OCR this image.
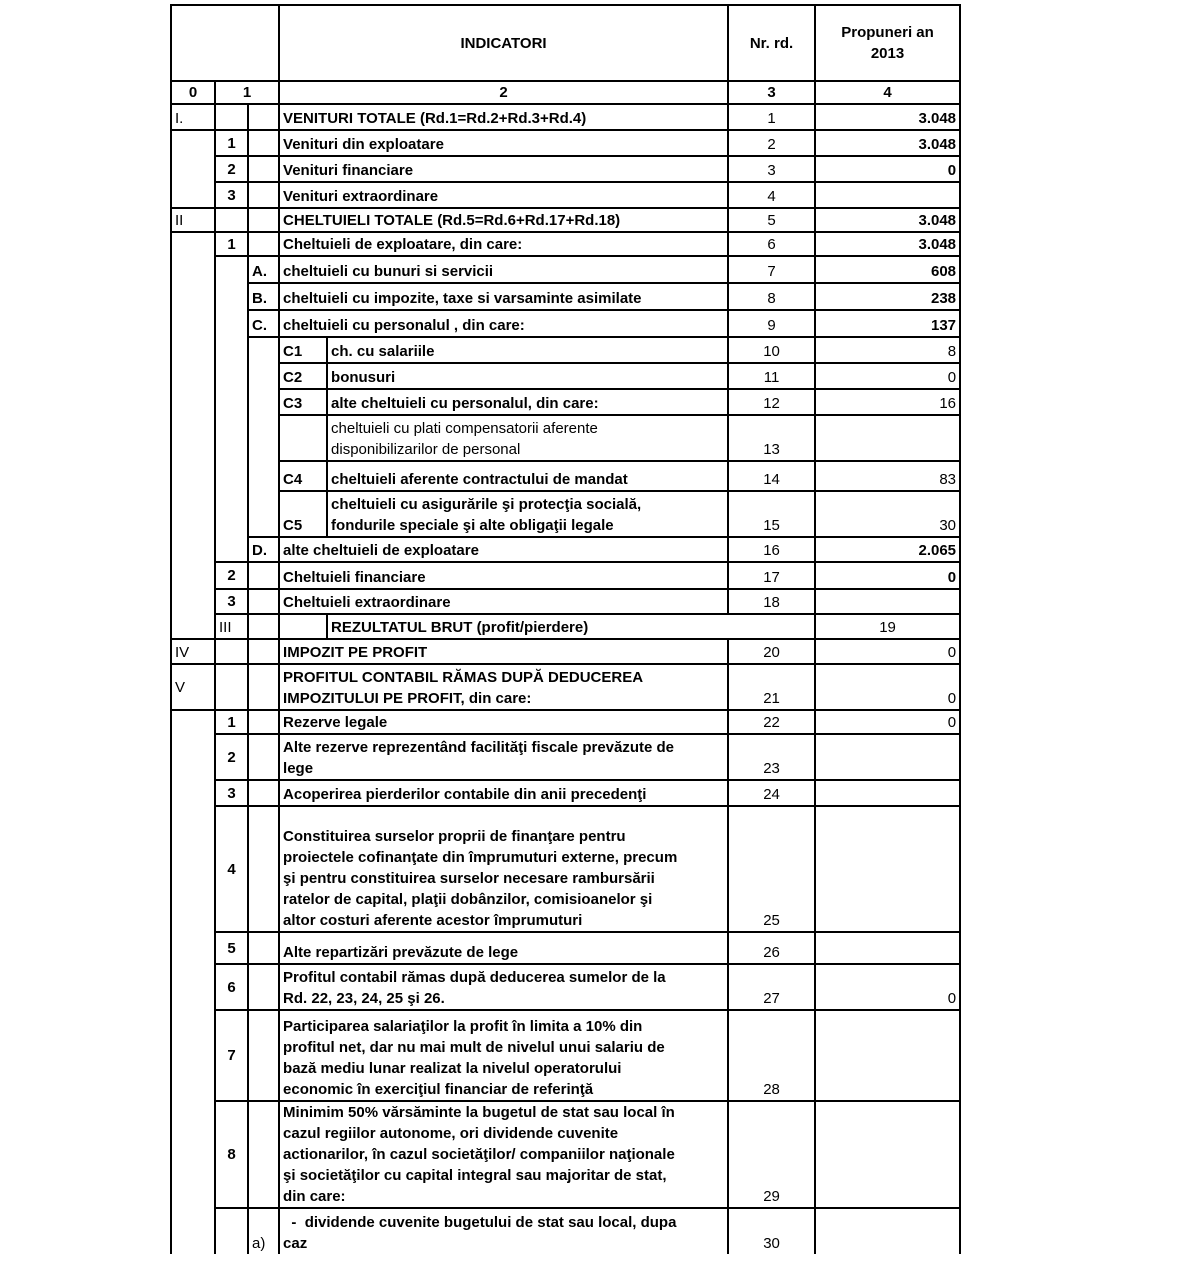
			INDICATORI		Nr. rd.	Propuneri an
2013	

0	1		2		3	4	
I.			VENITURI TOTALE (Rd.1=Rd.2+Rd.3+Rd.4)		1	3.048	
	1		Venituri din exploatare		2	3.048	
	2		Venituri financiare		3	0	
	3		Venituri extraordinare		4		
II			CHELTUIELI TOTALE (Rd.5=Rd.6+Rd.17+Rd.18)		5	3.048	
	1		Cheltuieli de exploatare, din care:		6	3.048	
		A.	cheltuieli cu bunuri si servicii		7	608	
		B.	cheltuieli cu impozite, taxe si varsaminte asimilate		8	238	
		C.	cheltuieli cu personalul , din care:		9	137	
			C1	ch. cu salariile	10	8	
			C2	bonusuri	11	0	
			C3	alte cheltuieli cu personalul, din care:	12	16	

				cheltuieli cu plati compensatorii aferente
disponibilizarilor de personal	13		
			C4	cheltuieli aferente contractului de mandat	14	83	
			C5	cheltuieli cu asigurările şi protecţia socială,
fondurile speciale şi alte obligaţii legale	15	30	
		D.	alte cheltuieli de exploatare		16	2.065	
	2		Cheltuieli financiare		17	0	
	3		Cheltuieli extraordinare		18		
	III			REZULTATUL BRUT (profit/pierdere)		19	
IV			IMPOZIT PE PROFIT		20	0	
V			PROFITUL CONTABIL RĂMAS DUPĂ DEDUCEREA
IMPOZITULUI PE PROFIT, din care:		21	0	
	1		Rezerve legale		22	0	
	2		Alte rezerve reprezentând facilităţi fiscale prevăzute de
lege		23		
	3		Acoperirea pierderilor contabile din anii precedenţi		24		
	4		Constituirea surselor proprii de finanţare pentru
proiectele cofinanţate din împrumuturi externe, precum
şi pentru constituirea surselor necesare rambursării
ratelor de capital, plaţii dobânzilor, comisioanelor şi
altor costuri aferente acestor împrumuturi		25		
	5		Alte repartizări prevăzute de lege		26		
	6		Profitul contabil rămas după deducerea sumelor de la
Rd. 22, 23, 24, 25 şi 26.		27	0	
	7		Participarea salariaţilor la profit în limita a 10% din
profitul net, dar nu mai mult de nivelul unui salariu de
bază mediu lunar realizat la nivelul operatorului
economic în exerciţiul financiar de referinţă		28		
	8		Minimim 50% vărsăminte la bugetul de stat sau local în
cazul regiilor autonome, ori dividende cuvenite
actionarilor, în cazul societăţilor/ companiilor naţionale
şi societăţilor cu capital integral sau majoritar de stat,
din care:		29		
		a)	-  dividende cuvenite bugetului de stat sau local, dupa
caz		30		
